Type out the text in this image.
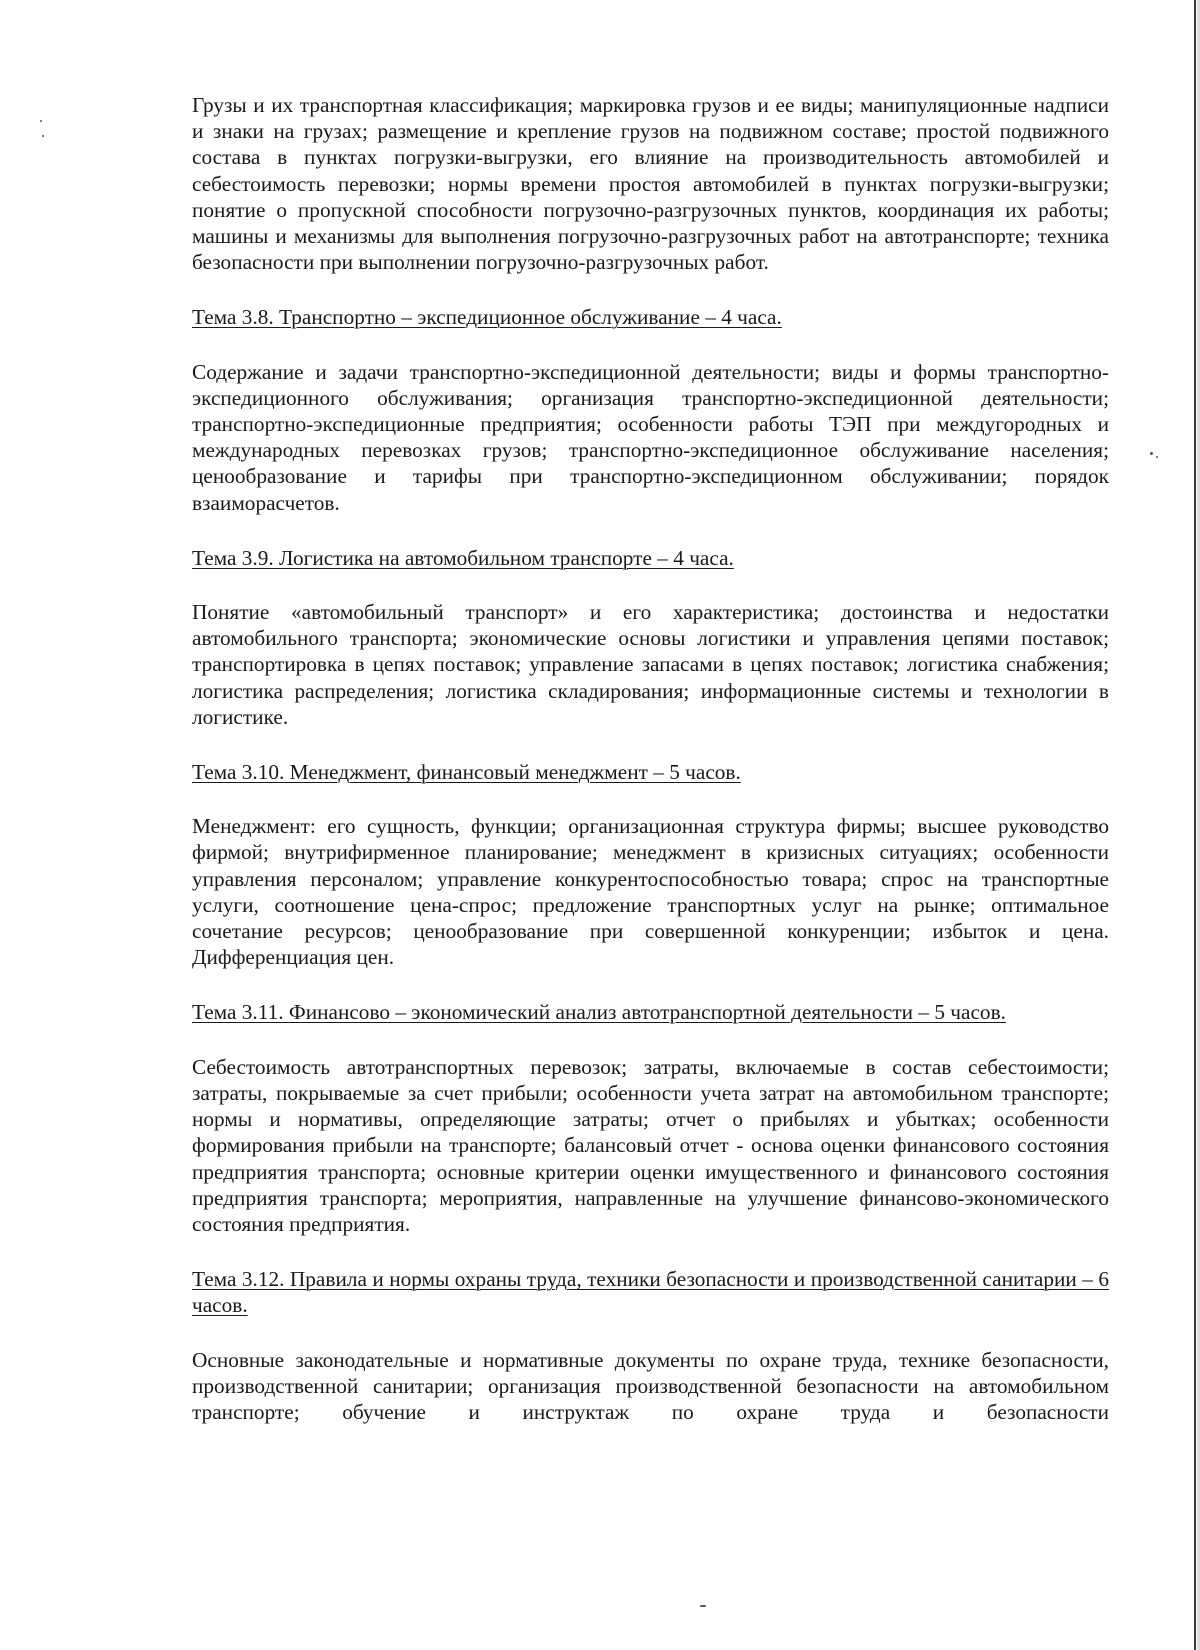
Грузы и их транспортная классификация; маркировка грузов и ее виды; манипуляционные надписи и знаки на грузах; размещение и крепление грузов на подвижном составе; простой подвижного состава в пунктах погрузки-выгрузки, его влияние на производительность автомобилей и себестоимость перевозки; нормы времени простоя автомобилей в пунктах погрузки-выгрузки; понятие о пропускной способности погрузочно-разгрузочных пунктов, координация их работы; машины и механизмы для выполнения погрузочно-разгрузочных работ на автотранспорте; техника безопасности при выполнении погрузочно-разгрузочных работ.

Тема 3.8. Транспортно – экспедиционное обслуживание – 4 часа.

Содержание и задачи транспортно-экспедиционной деятельности; виды и формы транспортно-экспедиционного обслуживания; организация транспортно-экспедиционной деятельности; транспортно-экспедиционные предприятия; особенности работы ТЭП при междугородных и международных перевозках грузов; транспортно-экспедиционное обслуживание населения; ценообразование и тарифы при транспортно-экспедиционном обслуживании; порядок взаиморасчетов.

Тема 3.9. Логистика на автомобильном транспорте – 4 часа.

Понятие «автомобильный транспорт» и его характеристика; достоинства и недостатки автомобильного транспорта; экономические основы логистики и управления цепями поставок; транспортировка в цепях поставок; управление запасами в цепях поставок; логистика снабжения; логистика распределения; логистика складирования; информационные системы и технологии в логистике.

Тема 3.10. Менеджмент, финансовый менеджмент – 5 часов.

Менеджмент: его сущность, функции; организационная структура фирмы; высшее руководство фирмой; внутрифирменное планирование; менеджмент в кризисных ситуациях; особенности управления персоналом; управление конкурентоспособностью товара; спрос на транспортные услуги, соотношение цена-спрос; предложение транспортных услуг на рынке; оптимальное сочетание ресурсов; ценообразование при совершенной конкуренции; избыток и цена. Дифференциация цен.

Тема 3.11. Финансово – экономический анализ автотранспортной деятельности – 5 часов.

Себестоимость автотранспортных перевозок; затраты, включаемые в состав себестоимости; затраты, покрываемые за счет прибыли; особенности учета затрат на автомобильном транспорте; нормы и нормативы, определяющие затраты; отчет о прибылях и убытках; особенности формирования прибыли на транспорте; балансовый отчет - основа оценки финансового состояния предприятия транспорта; основные критерии оценки имущественного и финансового состояния предприятия транспорта; мероприятия, направленные на улучшение финансово-экономического состояния предприятия.

Тема 3.12. Правила и нормы охраны труда, техники безопасности и производственной санитарии – 6 часов.

Основные законодательные и нормативные документы по охране труда, технике безопасности, производственной санитарии; организация производственной безопасности на автомобильном транспорте; обучение и инструктаж по охране труда и безопасности
